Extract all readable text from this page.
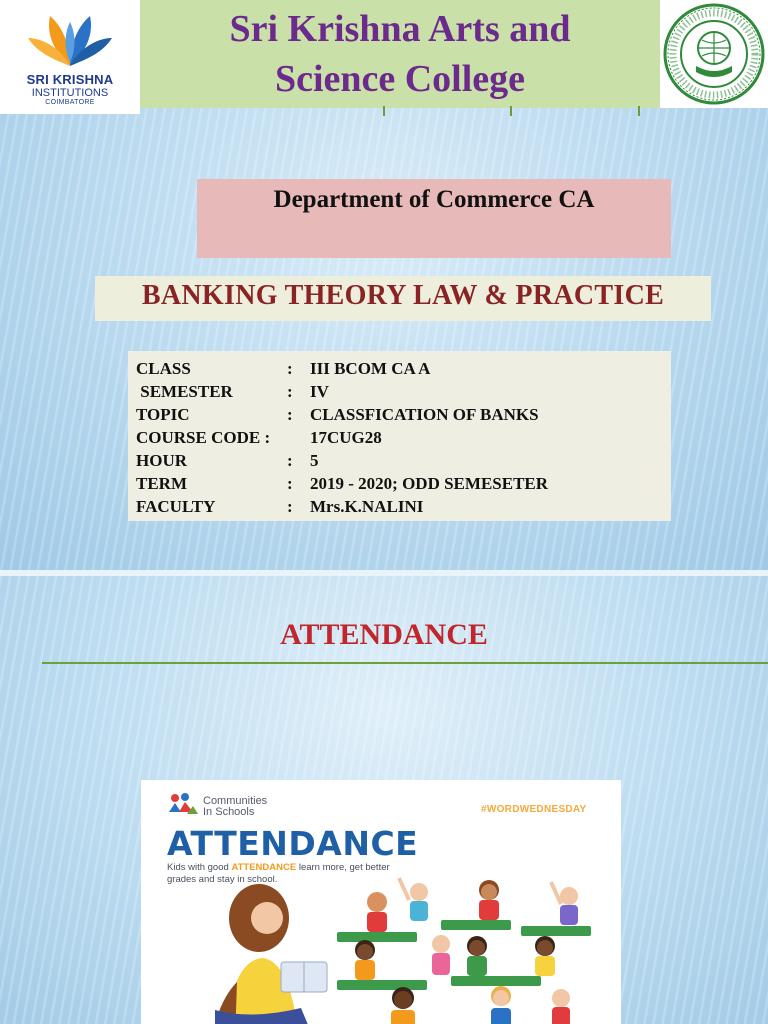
SRI KRISHNA
INSTITUTIONS
COIMBATORE
Sri Krishna Arts and
Science College
Department of Commerce CA
BANKING THEORY LAW & PRACTICE
CLASS	:	III BCOM CA A
SEMESTER	:	IV
TOPIC	:	CLASSFICATION OF BANKS
COURSE CODE :		17CUG28
HOUR	:	5
TERM	:	2019 - 2020; ODD SEMESETER
FACULTY	:	Mrs.K.NALINI
ATTENDANCE
Communities
In Schools	#WORDWEDNESDAY
ATTENDANCE
Kids with good ATTENDANCE learn more, get better grades and stay in school.
